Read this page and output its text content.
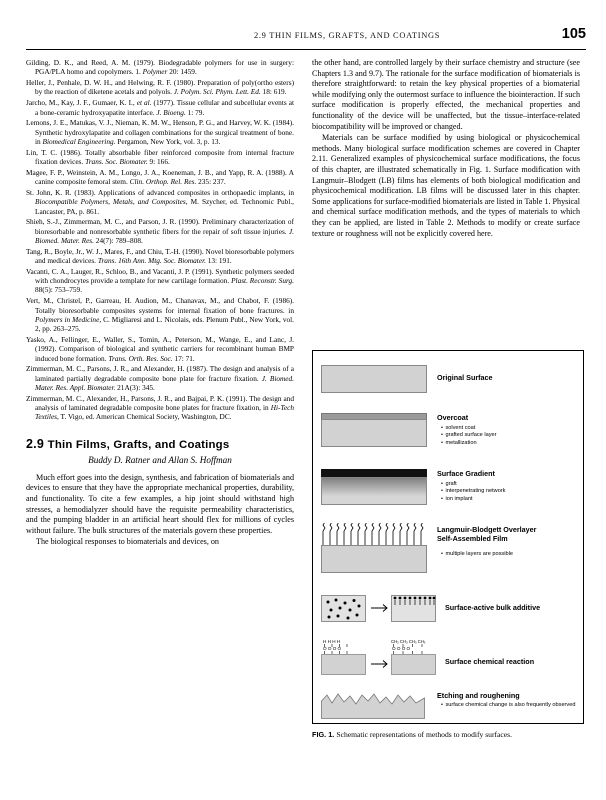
2.9 THIN FILMS, GRAFTS, AND COATINGS	105
Gilding, D. K., and Reed, A. M. (1979). Biodegradable polymers for use in surgery: PGA/PLA homo and copolymers. 1. Polymer 20: 1459.
Heller, J., Penhale, D. W. H., and Helwing, R. F. (1980). Preparation of poly(ortho esters) by the reaction of diketene acetals and polyols. J. Polym. Sci. Phym. Lett. Ed. 18: 619.
Jarcho, M., Kay, J. F., Gumaer, K. I., et al. (1977). Tissue cellular and subcellular events at a bone-ceramic hydroxyapatite interface. J. Bioeng. 1: 79.
Lemons, J. E., Matukas, V. J., Nieman, K. M. W., Henson, P. G., and Harvey, W. K. (1984). Synthetic hydroxylapatite and collagen combinations for the surgical treatment of bone. in Biomedical Engineering. Pergamon, New York, vol. 3, p. 13.
Lin, T. C. (1986). Totally absorbable fiber reinforced composite from internal fracture fixation devices. Trans. Soc. Biomater. 9: 166.
Magee, F. P., Weinstein, A. M., Longo, J. A., Koeneman, J. B., and Yapp, R. A. (1988). A canine composite femoral stem. Clin. Orthop. Rel. Res. 235: 237.
St. John, K. R. (1983). Applications of advanced composites in orthopaedic implants, in Biocompatible Polymers, Metals, and Composites, M. Szycher, ed. Technomic Publ., Lancaster, PA, p. 861.
Shieh, S.-J., Zimmerman, M. C., and Parson, J. R. (1990). Preliminary characterization of bioresorbable and nonresorbable synthetic fibers for the repair of soft tissue injuries. J. Biomed. Mater. Res. 24(7): 789–808.
Tang, R., Boyle, Jr., W. J., Mares, F., and Chiu, T.-H. (1990). Novel bioresorbable polymers and medical devices. Trans. 16th Ann. Mtg. Soc. Biomater. 13: 191.
Vacanti, C. A., Lauger, R., Schloo, B., and Vacanti, J. P. (1991). Synthetic polymers seeded with chondrocytes provide a template for new cartilage formation. Plast. Reconstr. Surg. 88(5): 753–759.
Vert, M., Christel, P., Garreau, H. Audion, M., Chanavax, M., and Chabot, F. (1986). Totally bioresorbable composites systems for internal fixation of bone fractures. in Polymers in Medicine, C. Migliaresi and L. Nicolais, eds. Plenum Publ., New York, vol. 2, pp. 263–275.
Yasko, A., Fellinger, E., Waller, S., Tomin, A., Peterson, M., Wange, E., and Lanc, J. (1992). Comparison of biological and synthetic carriers for recombinant human BMP induced bone formation. Trans. Orth. Res. Soc. 17: 71.
Zimmerman, M. C., Parsons, J. R., and Alexander, H. (1987). The design and analysis of a laminated partially degradable composite bone plate for fracture fixation. J. Biomed. Mater. Res. Appl. Biomater. 21A(3): 345.
Zimmerman, M. C., Alexander, H., Parsons, J. R., and Bajpai, P. K. (1991). The design and analysis of laminated degradable composite bone plates for fracture fixation, in Hi-Tech Textiles, T. Vigo, ed. American Chemical Society, Washington, DC.
2.9 Thin Films, Grafts, and Coatings
Buddy D. Ratner and Allan S. Hoffman

Much effort goes into the design, synthesis, and fabrication of biomaterials and devices to ensure that they have the appropriate mechanical properties, durability, and functionality. To cite a few examples, a hip joint should withstand high stresses, a hemodialyzer should have the requisite permeability characteristics, and the pumping bladder in an artificial heart should flex for millions of cycles without failure. The bulk structures of the materials govern these properties.

The biological responses to biomaterials and devices, on

the other hand, are controlled largely by their surface chemistry and structure (see Chapters 1.3 and 9.7). The rationale for the surface modification of biomaterials is therefore straightforward: to retain the key physical properties of a biomaterial while modifying only the outermost surface to influence the biointeraction. If such surface modification is properly effected, the mechanical properties and functionality of the device will be unaffected, but the tissue–interface-related biocompatibility will be improved or changed.

Materials can be surface modified by using biological or physicochemical methods. Many biological surface modification schemes are covered in Chapter 2.11. Generalized examples of physicochemical surface modifications, the focus of this chapter, are illustrated schematically in Fig. 1. Surface modification with Langmuir–Blodgett (LB) films has elements of both biological modification and physicochemical modification. LB films will be discussed later in this chapter. Some applications for surface-modified biomaterials are listed in Table 1. Physical and chemical surface modification methods, and the types of materials to which they can be applied, are listed in Table 2. Methods to modify or create surface texture or roughness will not be explicitly covered here.

Original Surface
Overcoat
• solvent coat
• grafted surface layer
• metallization
Surface Gradient
• graft
• interpenetrating network
• ion implant
Langmuir-Blodgett Overlayer
Self-Assembled Film
• multiple layers are possible
Surface-active bulk additive
H H H H
O O O O
CH₃ CH₃ CH₃ CH₃
O O O O
Surface chemical reaction
Etching and roughening
• surface chemical change is also frequently observed
FIG. 1. Schematic representations of methods to modify surfaces.
